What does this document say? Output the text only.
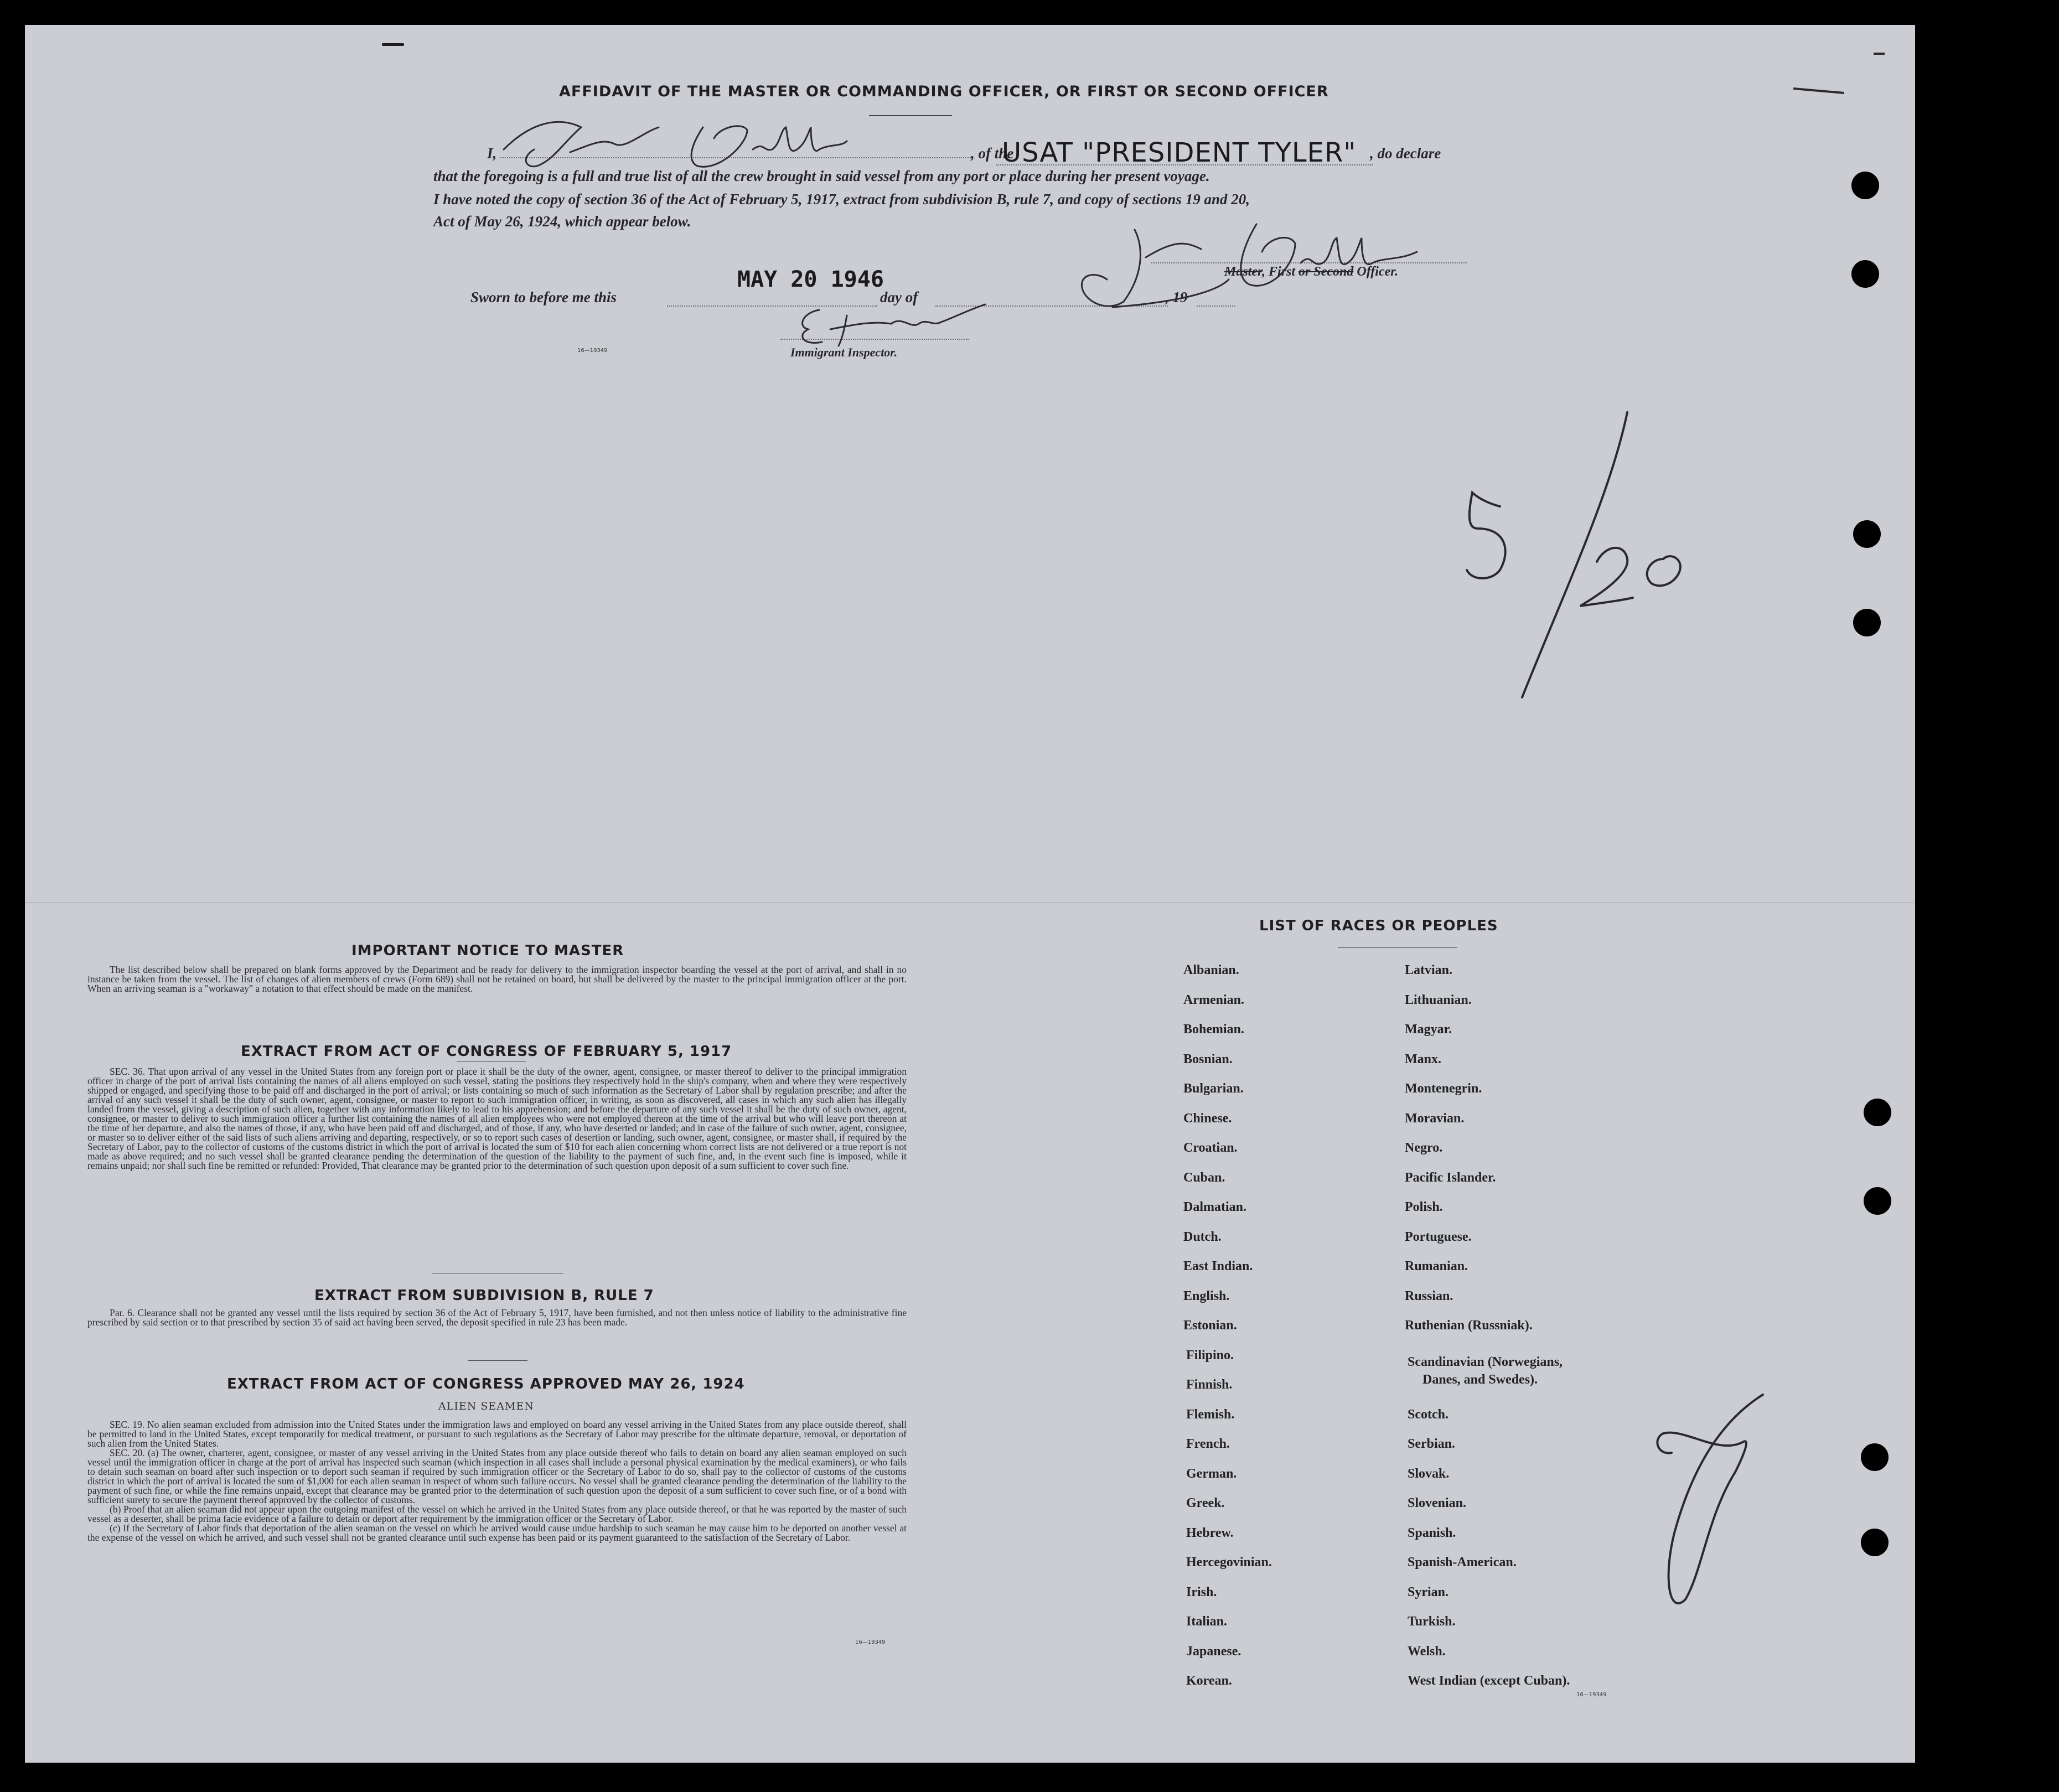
AFFIDAVIT OF THE MASTER OR COMMANDING OFFICER, OR FIRST OR SECOND OFFICER
I,	, of the
USAT "PRESIDENT TYLER" , do declare
that the foregoing is a full and true list of all the crew brought in said vessel from any port or place during her present voyage.
I have noted the copy of section 36 of the Act of February 5, 1917, extract from subdivision B, rule 7, and copy of sections 19 and 20,
Act of May 26, 1924, which appear below.
Master, First or Second Officer.
Sworn to before me this
MAY 20 1946
day of	, 19
Immigrant Inspector.
16—19349
IMPORTANT NOTICE TO MASTER

The list described below shall be prepared on blank forms approved by the Department and be ready for delivery to the immigration inspector boarding the vessel at the port of arrival, and shall in no instance be taken from the vessel. The list of changes of alien members of crews (Form 689) shall not be retained on board, but shall be delivered by the master to the principal immigration officer at the port. When an arriving seaman is a "workaway" a notation to that effect should be made on the manifest.

EXTRACT FROM ACT OF CONGRESS OF FEBRUARY 5, 1917

SEC. 36. That upon arrival of any vessel in the United States from any foreign port or place it shall be the duty of the owner, agent, consignee, or master thereof to deliver to the principal immigration officer in charge of the port of arrival lists containing the names of all aliens employed on such vessel, stating the positions they respectively hold in the ship's company, when and where they were respectively shipped or engaged, and specifying those to be paid off and discharged in the port of arrival; or lists containing so much of such information as the Secretary of Labor shall by regulation prescribe; and after the arrival of any such vessel it shall be the duty of such owner, agent, consignee, or master to report to such immigration officer, in writing, as soon as discovered, all cases in which any such alien has illegally landed from the vessel, giving a description of such alien, together with any information likely to lead to his apprehension; and before the departure of any such vessel it shall be the duty of such owner, agent, consignee, or master to deliver to such immigration officer a further list containing the names of all alien employees who were not employed thereon at the time of the arrival but who will leave port thereon at the time of her departure, and also the names of those, if any, who have been paid off and discharged, and of those, if any, who have deserted or landed; and in case of the failure of such owner, agent, consignee, or master so to deliver either of the said lists of such aliens arriving and departing, respectively, or so to report such cases of desertion or landing, such owner, agent, consignee, or master shall, if required by the Secretary of Labor, pay to the collector of customs of the customs district in which the port of arrival is located the sum of $10 for each alien concerning whom correct lists are not delivered or a true report is not made as above required; and no such vessel shall be granted clearance pending the determination of the question of the liability to the payment of such fine, and, in the event such fine is imposed, while it remains unpaid; nor shall such fine be remitted or refunded: Provided, That clearance may be granted prior to the determination of such question upon deposit of a sum sufficient to cover such fine.

EXTRACT FROM SUBDIVISION B, RULE 7

Par. 6. Clearance shall not be granted any vessel until the lists required by section 36 of the Act of February 5, 1917, have been furnished, and not then unless notice of liability to the administrative fine prescribed by said section or to that prescribed by section 35 of said act having been served, the deposit specified in rule 23 has been made.

EXTRACT FROM ACT OF CONGRESS APPROVED MAY 26, 1924
ALIEN SEAMEN

SEC. 19. No alien seaman excluded from admission into the United States under the immigration laws and employed on board any vessel arriving in the United States from any place outside thereof, shall be permitted to land in the United States, except temporarily for medical treatment, or pursuant to such regulations as the Secretary of Labor may prescribe for the ultimate departure, removal, or deportation of such alien from the United States.

SEC. 20. (a) The owner, charterer, agent, consignee, or master of any vessel arriving in the United States from any place outside thereof who fails to detain on board any alien seaman employed on such vessel until the immigration officer in charge at the port of arrival has inspected such seaman (which inspection in all cases shall include a personal physical examination by the medical examiners), or who fails to detain such seaman on board after such inspection or to deport such seaman if required by such immigration officer or the Secretary of Labor to do so, shall pay to the collector of customs of the customs district in which the port of arrival is located the sum of $1,000 for each alien seaman in respect of whom such failure occurs. No vessel shall be granted clearance pending the determination of the liability to the payment of such fine, or while the fine remains unpaid, except that clearance may be granted prior to the determination of such question upon the deposit of a sum sufficient to cover such fine, or of a bond with sufficient surety to secure the payment thereof approved by the collector of customs.

(b) Proof that an alien seaman did not appear upon the outgoing manifest of the vessel on which he arrived in the United States from any place outside thereof, or that he was reported by the master of such vessel as a deserter, shall be prima facie evidence of a failure to detain or deport after requirement by the immigration officer or the Secretary of Labor.

(c) If the Secretary of Labor finds that deportation of the alien seaman on the vessel on which he arrived would cause undue hardship to such seaman he may cause him to be deported on another vessel at the expense of the vessel on which he arrived, and such vessel shall not be granted clearance until such expense has been paid or its payment guaranteed to the satisfaction of the Secretary of Labor.

16—19349
LIST OF RACES OR PEOPLES
Albanian.
Armenian.
Bohemian.
Bosnian.
Bulgarian.
Chinese.
Croatian.
Cuban.
Dalmatian.
Dutch.
East Indian.
English.
Estonian.
Filipino.
Finnish.
Flemish.
French.
German.
Greek.
Hebrew.
Hercegovinian.
Irish.
Italian.
Japanese.
Korean.
Latvian.
Lithuanian.
Magyar.
Manx.
Montenegrin.
Moravian.
Negro.
Pacific Islander.
Polish.
Portuguese.
Rumanian.
Russian.
Ruthenian (Russniak).
Scandinavian (Norwegians,
Scotch.
Serbian.
Slovak.
Slovenian.
Spanish.
Spanish-American.
Syrian.
Turkish.
Welsh.
West Indian (except Cuban).
Danes, and Swedes).
16—19349
